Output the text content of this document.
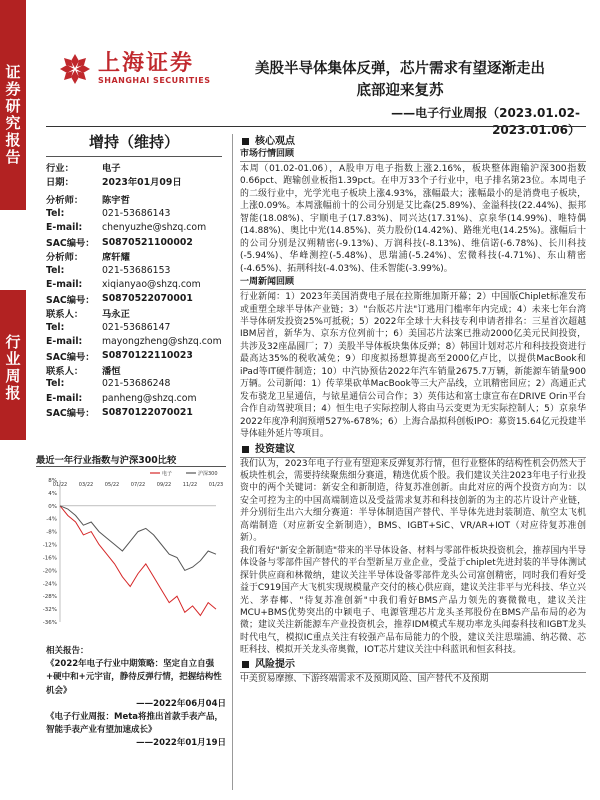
证券研究报告
行业周报
上海证券
SHANGHAI SECURITIES
美股半导体集体反弹，芯片需求有望逐渐走出
底部迎来复苏
——电子行业周报（2023.01.02-2023.01.06）
增持（维持）
行业：	电子
日期：	2023年01月09日
分析师：	陈宇哲
Tel:	021-53686143
E-mail:	chenyuzhe@shzq.com
SAC编号： S0870521100002
分析师：	席轩耀
Tel:	021-53686153
E-mail:	xiqianyao@shzq.com
SAC编号： S0870522070001
联系人：	马永正
Tel:	021-53686147
E-mail:	mayongzheng@shzq.com
SAC编号： S0870122110023
联系人：	潘恒
Tel:	021-53686248
E-mail:	panheng@shzq.com
SAC编号： S0870122070021
最近一年行业指数与沪深300比较
8%
4%
0%
-4%
-8%
-12%
-16%
-20%
-24%
-28%
-32%
-36%
01/22 03/22 05/22 07/22 09/22 11/22 01/23
电子	沪深300
相关报告：
《2022年电子行业中期策略：坚定自立自强+硬中和+元宇宙，静待反弹行情，把握结构性机会》
——2022年06月04日
《电子行业周报：Meta将推出首款手表产品，智能手表产业有望加速成长》
——2022年01月19日
核心观点
市场行情回顾
本周（01.02-01.06），A股申万电子指数上涨2.16%，板块整体跑输沪深300指数0.66pct、跑输创业板指1.39pct。在申万33个子行业中，电子排名第23位。本周电子的二级行业中，光学光电子板块上涨4.93%，涨幅最大；涨幅最小的是消费电子板块，上涨0.09%。本周涨幅前十的公司分别是艾比森(25.89%)、金溢科技(22.44%)、振邦智能(18.08%)、宇顺电子(17.83%)、同兴达(17.31%)、京泉华(14.99%)、唯特偶(14.88%)、奥比中光(14.85%)、英力股份(14.42%)、路维光电(14.25%)。涨幅后十的公司分别是汉朔精密(-9.13%)、万润科技(-8.13%)、维信诺(-6.78%)、长川科技(-5.94%)、华峰测控(-5.48%)、思瑞浦(-5.24%)、宏微科技(-4.71%)、东山精密(-4.65%)、拓荆科技(-4.03%)、佳禾智能(-3.99%)。
一周新闻回顾
行业新闻：1）2023年美国消费电子展在拉斯维加斯开幕；2）中国版Chiplet标准发布或重塑全球半导体产业链；3）"台版芯片法"订逃用门槛率年内完成；4）未来七年台湾半导体研发投资25%可抵税；5）2022年全球十大科技专利申请者排名：三星首次超越IBM居首，新华为、京东方位列前十；6）美国芯片法案已推动2000亿美元民间投资，共涉及32座晶圆厂；7）美股半导体板块集体反弹；8）韩国计划对芯片和科技投资进行最高达35%的税收减免；9）印度拟扬想算提高至2000亿卢比，以提供MacBook和iPad等IT硬件制造；10）中汽协预估2022年汽车销量2675.7万辆，新能源车销量900万辆。公司新闻：1）传苹果砍单MacBook等三大产品线，立讯精密回应；2）高通正式发布骁龙卫星通信，与铱星通信公司合作；3）英伟达和富士康宣布在DRIVE Orin平台合作自动驾驶项目；4）恒生电子实际控制人将由马云变更为无实际控制人；5）京泉华2022年度净利润预增527%-678%；6）上海合晶拟科创板IPO：募资15.64亿元投建半导体硅外延片等项目。
投资建议
我们认为，2023年电子行业有望迎来反弹复苏行情，但行业整体的结构性机会仍然大于板块性机会，需要持续聚焦细分赛道，精选优质个股。我们建议关注2023年电子行业投资中的两个关键词：新安全和新制造，待复苏准创新。由此对应的两个投资方向为：以安全可控为主的中国高端制造以及受益需求复苏和科技创新的为主的芯片设计产业链，并分别衍生出六大细分赛道：半导体制造国产替代、半导体先进封装制造、航空太飞机高端制造（对应新安全新制造），BMS、IGBT+SiC、VR/AR+IOT（对应待复苏准创新）。
我们看好"新安全新制造"带来的半导体设备、材料与零部件板块投资机会，推荐国内半导体设备与零部件国产替代的平台型新星万业企业，受益于chiplet先进封装的半导体测试探针供应商和林微纳，建议关注半导体设备零部件龙头公司富创精密，同时我们看好受益于C919国产大飞机实现规模量产交付的核心供应商，建议关注非平与光科技、华立兴光、茅春椰、"待复苏准创新"中我们看好BMS产品力领先的赛微微电，建议关注MCU+BMS优势突出的中颖电子、电源管理芯片龙头圣邦股份在BMS产品布局的必为微；建议关注新能源车产业投资机会，推荐IDM模式车规功率龙头闻泰科技和IGBT龙头时代电气，模拟IC重点关注有较强产品布局能力的个股，建议关注思瑞浦、纳芯微、芯旺科技、模拟开关龙头帝奥微，IOT芯片建议关注中科蓝讯和恒玄科技。
风险提示
中美贸易摩擦、下游终端需求不及预期风险、国产替代不及预期
